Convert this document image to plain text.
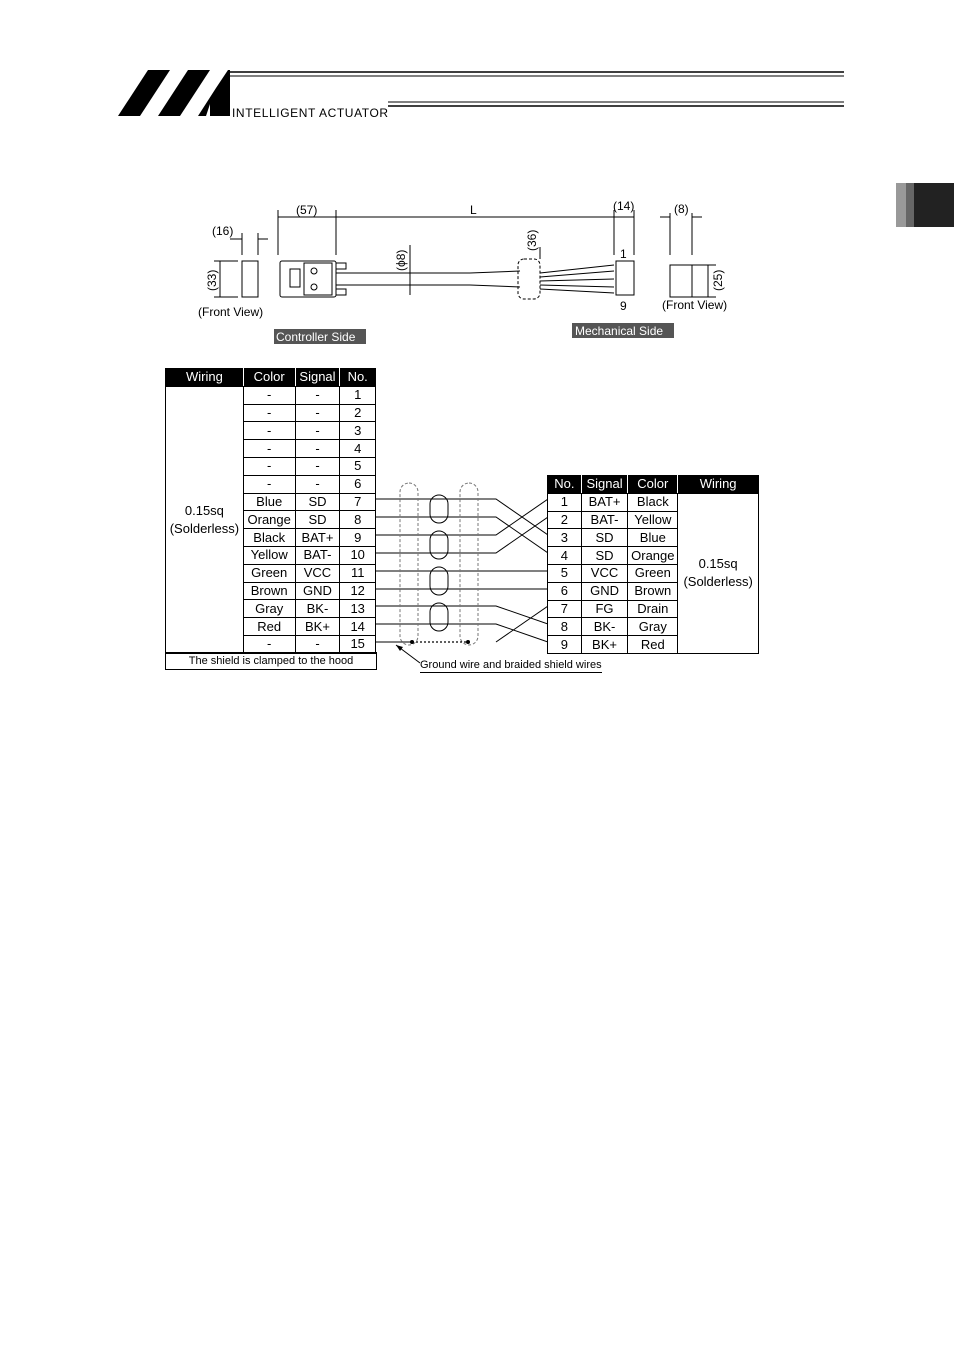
INTELLIGENT ACTUATOR
(16)
(33)
(57)	L
(ϕ8)
(36)
(14)	(8)
(25)
1
9
(Front View)	(Front View)
Controller Side	Mechanical Side
Wiring	Color	Signal	No.
0.15sq
(Solderless)	-	-	1
	-	-	2
	-	-	3
	-	-	4
	-	-	5
	-	-	6
	Blue	SD	7
	Orange	SD	8
	Black	BAT+	9
	Yellow	BAT-	10
	Green	VCC	11
	Brown	GND	12
	Gray	BK-	13
	Red	BK+	14
	-	-	15
The shield is clamped to the hood
No.	Signal	Color	Wiring
1	BAT+	Black	0.15sq
(Solderless)
2	BAT-	Yellow	
3	SD	Blue	
4	SD	Orange	
5	VCC	Green	
6	GND	Brown	
7	FG	Drain	
8	BK-	Gray	
9	BK+	Red	
Ground wire and braided shield wires
